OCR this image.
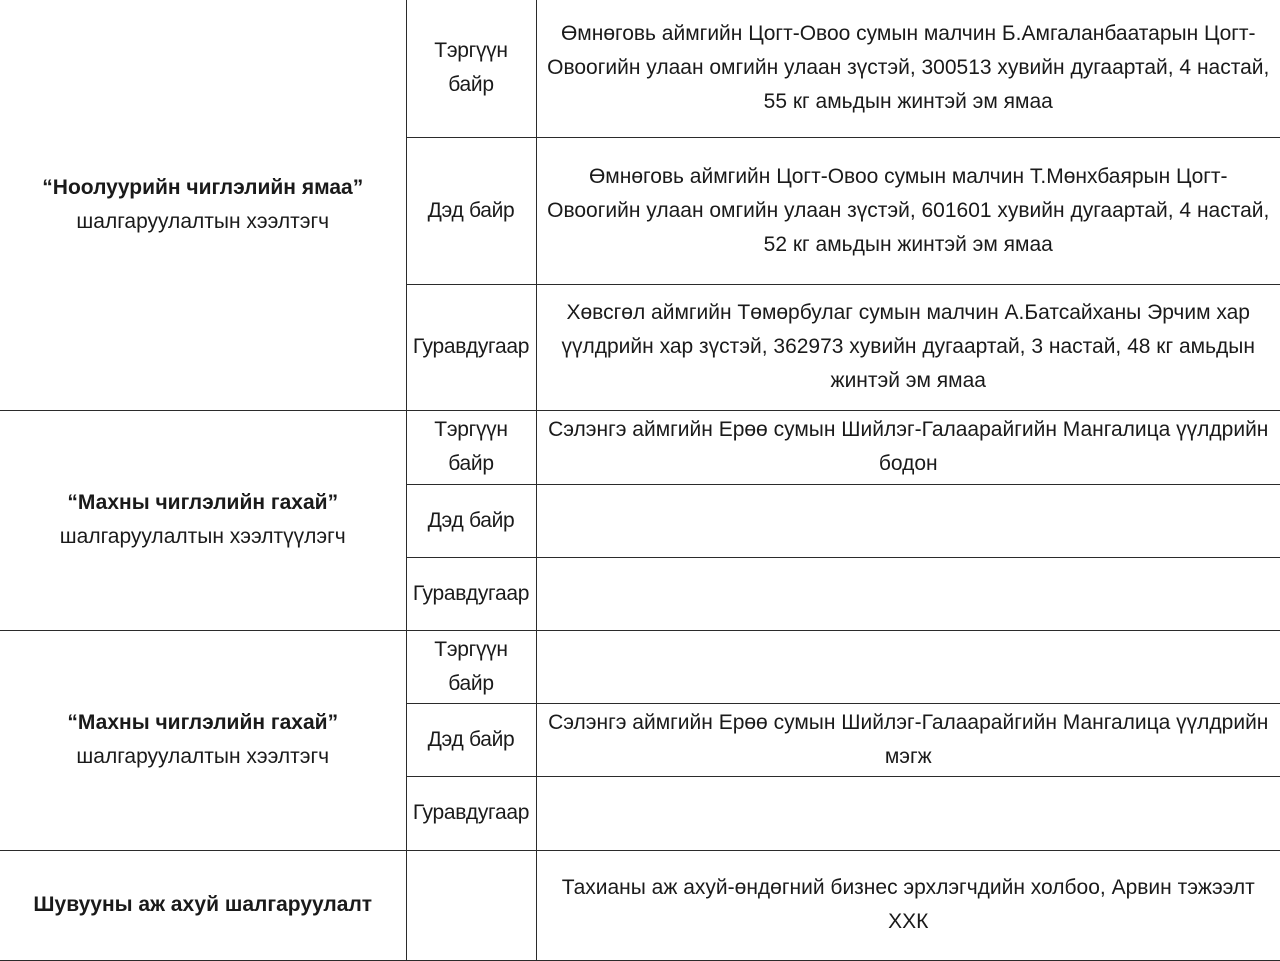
“Ноолуурийн чиглэлийн ямаа” шалгаруулалтын хээлтэгч	Тэргүүн байр	Өмнөговь аймгийн Цогт-Овоо сумын малчин Б.Амгаланбаатарын Цогт-Овоогийн улаан омгийн улаан зүстэй, 300513 хувийн дугаартай, 4 настай, 55 кг амьдын жинтэй эм ямаа
	Дэд байр	Өмнөговь аймгийн Цогт-Овоо сумын малчин Т.Мөнхбаярын Цогт-Овоогийн улаан омгийн улаан зүстэй, 601601 хувийн дугаартай, 4 настай, 52 кг амьдын жинтэй эм ямаа
	Гуравдугаар	Хөвсгөл аймгийн Төмөрбулаг сумын малчин А.Батсайханы Эрчим хар үүлдрийн хар зүстэй, 362973 хувийн дугаартай, 3 настай, 48 кг амьдын жинтэй эм ямаа
“Махны чиглэлийн гахай” шалгаруулалтын хээлтүүлэгч	Тэргүүн байр	Сэлэнгэ аймгийн Ерөө сумын Шийлэг-Галаарайгийн Мангалица үүлдрийн бодон
	Дэд байр	
	Гуравдугаар	
“Махны чиглэлийн гахай” шалгаруулалтын хээлтэгч	Тэргүүн байр	
	Дэд байр	Сэлэнгэ аймгийн Ерөө сумын Шийлэг-Галаарайгийн Мангалица үүлдрийн мэгж
	Гуравдугаар	
Шувууны аж ахуй шалгаруулалт		Тахианы аж ахуй-өндөгний бизнес эрхлэгчдийн холбоо, Арвин тэжээлт ХХК
